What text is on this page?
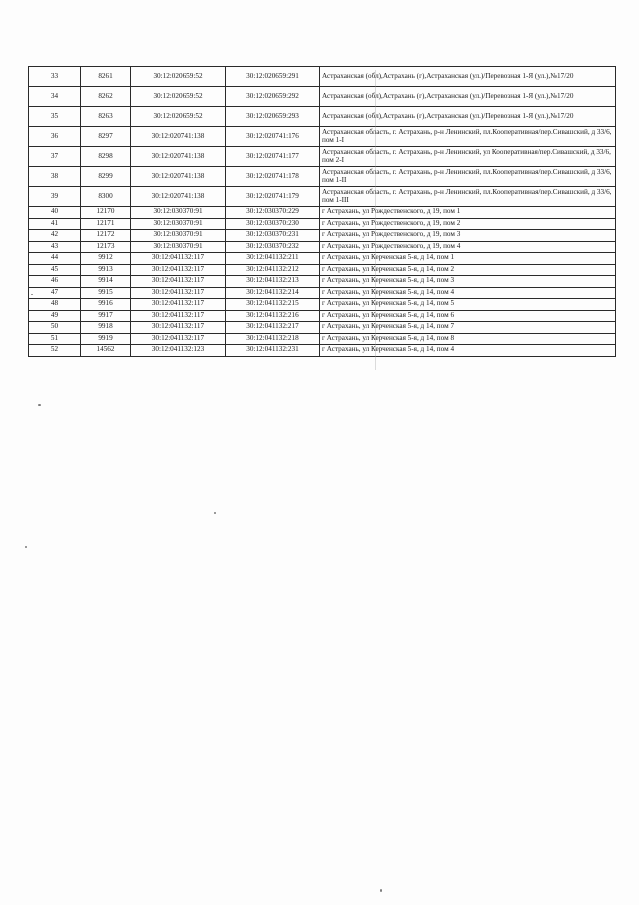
33	8261	30:12:020659:52	30:12:020659:291	Астраханская (обл),Астрахань (г),Астраханская (ул.)/Перевозная 1-Я (ул.),№17/20
34	8262	30:12:020659:52	30:12:020659:292	Астраханская (обл),Астрахань (г),Астраханская (ул.)/Перевозная 1-Я (ул.),№17/20
35	8263	30:12:020659:52	30:12:020659:293	Астраханская (обл),Астрахань (г),Астраханская (ул.)/Перевозная 1-Я (ул.),№17/20
36	8297	30:12:020741:138	30:12:020741:176	Астраханская область, г. Астрахань, р-н Ленинский, пл.Кооперативная/пер.Сивашский, д 33/6, пом 1-I
37	8298	30:12:020741:138	30:12:020741:177	Астраханская область, г. Астрахань, р-н Ленинский, ул Кооперативная/пер.Сивашский, д 33/6, пом 2-I
38	8299	30:12:020741:138	30:12:020741:178	Астраханская область, г. Астрахань, р-н Ленинский, пл.Кооперативная/пер.Сивашский, д 33/6, пом 1-II
39	8300	30:12:020741:138	30:12:020741:179	Астраханская область, г. Астрахань, р-н Ленинский, пл.Кооперативная/пер.Сивашский, д 33/6, пом 1-III
40	12170	30:12:030370:91	30:12:030370:229	г Астрахань, ул Рождественского, д 19, пом 1
41	12171	30:12:030370:91	30:12:030370:230	г Астрахань, ул Рождественского, д 19, пом 2
42	12172	30:12:030370:91	30:12:030370:231	г Астрахань, ул Рождественского, д 19, пом 3
43	12173	30:12:030370:91	30:12:030370:232	г Астрахань, ул Рождественского, д 19, пом 4
44	9912	30:12:041132:117	30:12:041132:211	г Астрахань, ул Керченская 5-я, д 14, пом 1
45	9913	30:12:041132:117	30:12:041132:212	г Астрахань, ул Керченская 5-я, д 14, пом 2
46	9914	30:12:041132:117	30:12:041132:213	г Астрахань, ул Керченская 5-я, д 14, пом 3
47	9915	30:12:041132:117	30:12:041132:214	г Астрахань, ул Керченская 5-я, д 14, пом 4
48	9916	30:12:041132:117	30:12:041132:215	г Астрахань, ул Керченская 5-я, д 14, пом 5
49	9917	30:12:041132:117	30:12:041132:216	г Астрахань, ул Керченская 5-я, д 14, пом 6
50	9918	30:12:041132:117	30:12:041132:217	г Астрахань, ул Керченская 5-я, д 14, пом 7
51	9919	30:12:041132:117	30:12:041132:218	г Астрахань, ул Керченская 5-я, д 14, пом 8
52	14562	30:12:041132:123	30:12:041132:231	г Астрахань, ул Керченская 5-я, д 14, пом 4
